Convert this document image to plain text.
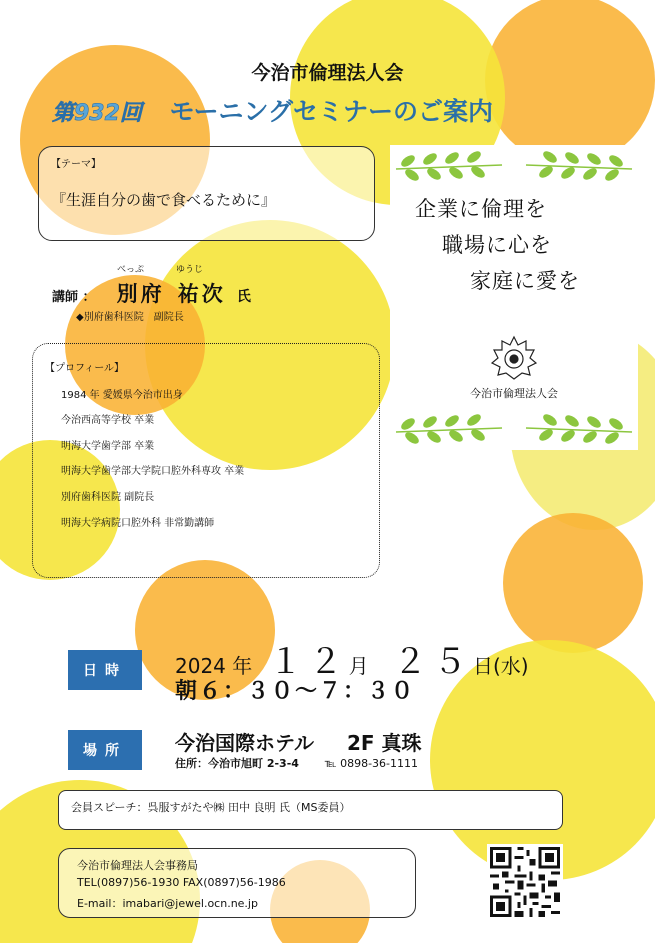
今治市倫理法人会
第932回 モーニングセミナーのご案内
【テーマ】
『生涯自分の歯で食べるために』	企業に倫理を
職場に心を
家庭に愛を
今治市倫理法人会
べっぷ	ゆうじ
講師 ： 別府 祐次 氏
◆別府歯科医院　副院長
【プロフィール】
1984 年 愛媛県今治市出身
今治西高等学校 卒業
明海大学歯学部 卒業
明海大学歯学部大学院口腔外科専攻 卒業
別府歯科医院 副院長
明海大学病院口腔外科 非常勤講師
日時	2024 年 １２月 ２５日(水)
朝６：３０〜７：３０
場所	今治国際ホテル 2F 真珠
住所：今治市旭町 2-3-4 ℡ 0898-36-1111
会員スピーチ：呉服すがたや㈱ 田中 良明 氏（MS委員）
今治市倫理法人会事務局
TEL(0897)56-1930 FAX(0897)56-1986
E-mail：imabari@jewel.ocn.ne.jp
